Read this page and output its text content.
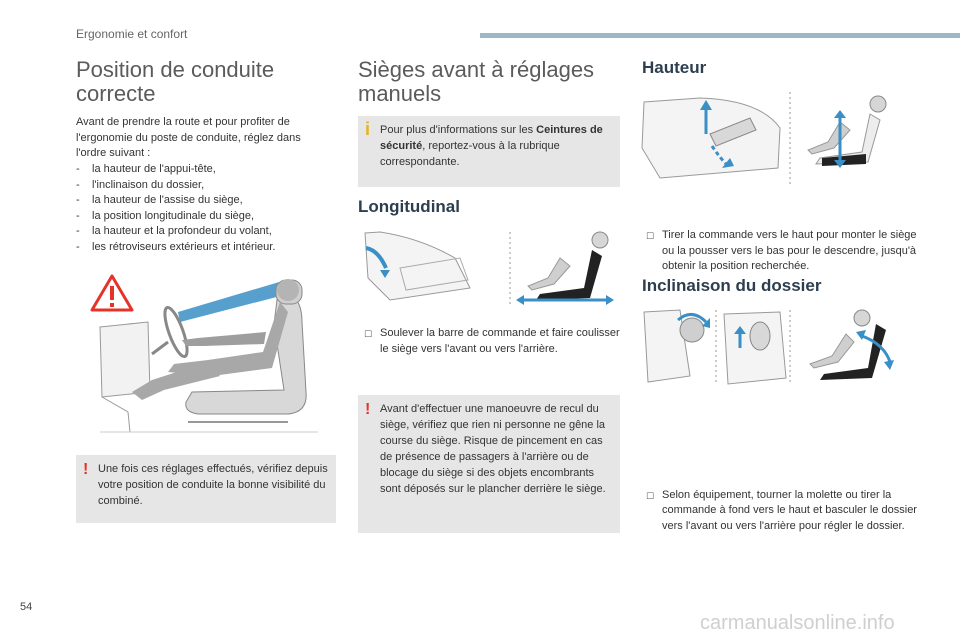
Ergonomie et confort
Position de conduite correcte

Avant de prendre la route et pour profiter de l'ergonomie du poste de conduite, réglez dans l'ordre suivant :

- la hauteur de l'appui-tête,
- l'inclinaison du dossier,
- la hauteur de l'assise du siège,
- la position longitudinale du siège,
- la hauteur et la profondeur du volant,
- les rétroviseurs extérieurs et intérieur.
! Une fois ces réglages effectués, vérifiez depuis votre position de conduite la bonne visibilité du combiné.
Sièges avant à réglages manuels
i Pour plus d'informations sur les Ceintures de sécurité, reportez-vous à la rubrique correspondante.
Longitudinal
☐ Soulever la barre de commande et faire coulisser le siège vers l'avant ou vers l'arrière.
! Avant d'effectuer une manoeuvre de recul du siège, vérifiez que rien ni personne ne gêne la course du siège. Risque de pincement en cas de présence de passagers à l'arrière ou de blocage du siège si des objets encombrants sont déposés sur le plancher derrière le siège.
Hauteur
☐ Tirer la commande vers le haut pour monter le siège ou la pousser vers le bas pour le descendre, jusqu'à obtenir la position recherchée.
Inclinaison du dossier
☐ Selon équipement, tourner la molette ou tirer la commande à fond vers le haut et basculer le dossier vers l'avant ou vers l'arrière pour régler le dossier.
54
carmanualsonline.info
